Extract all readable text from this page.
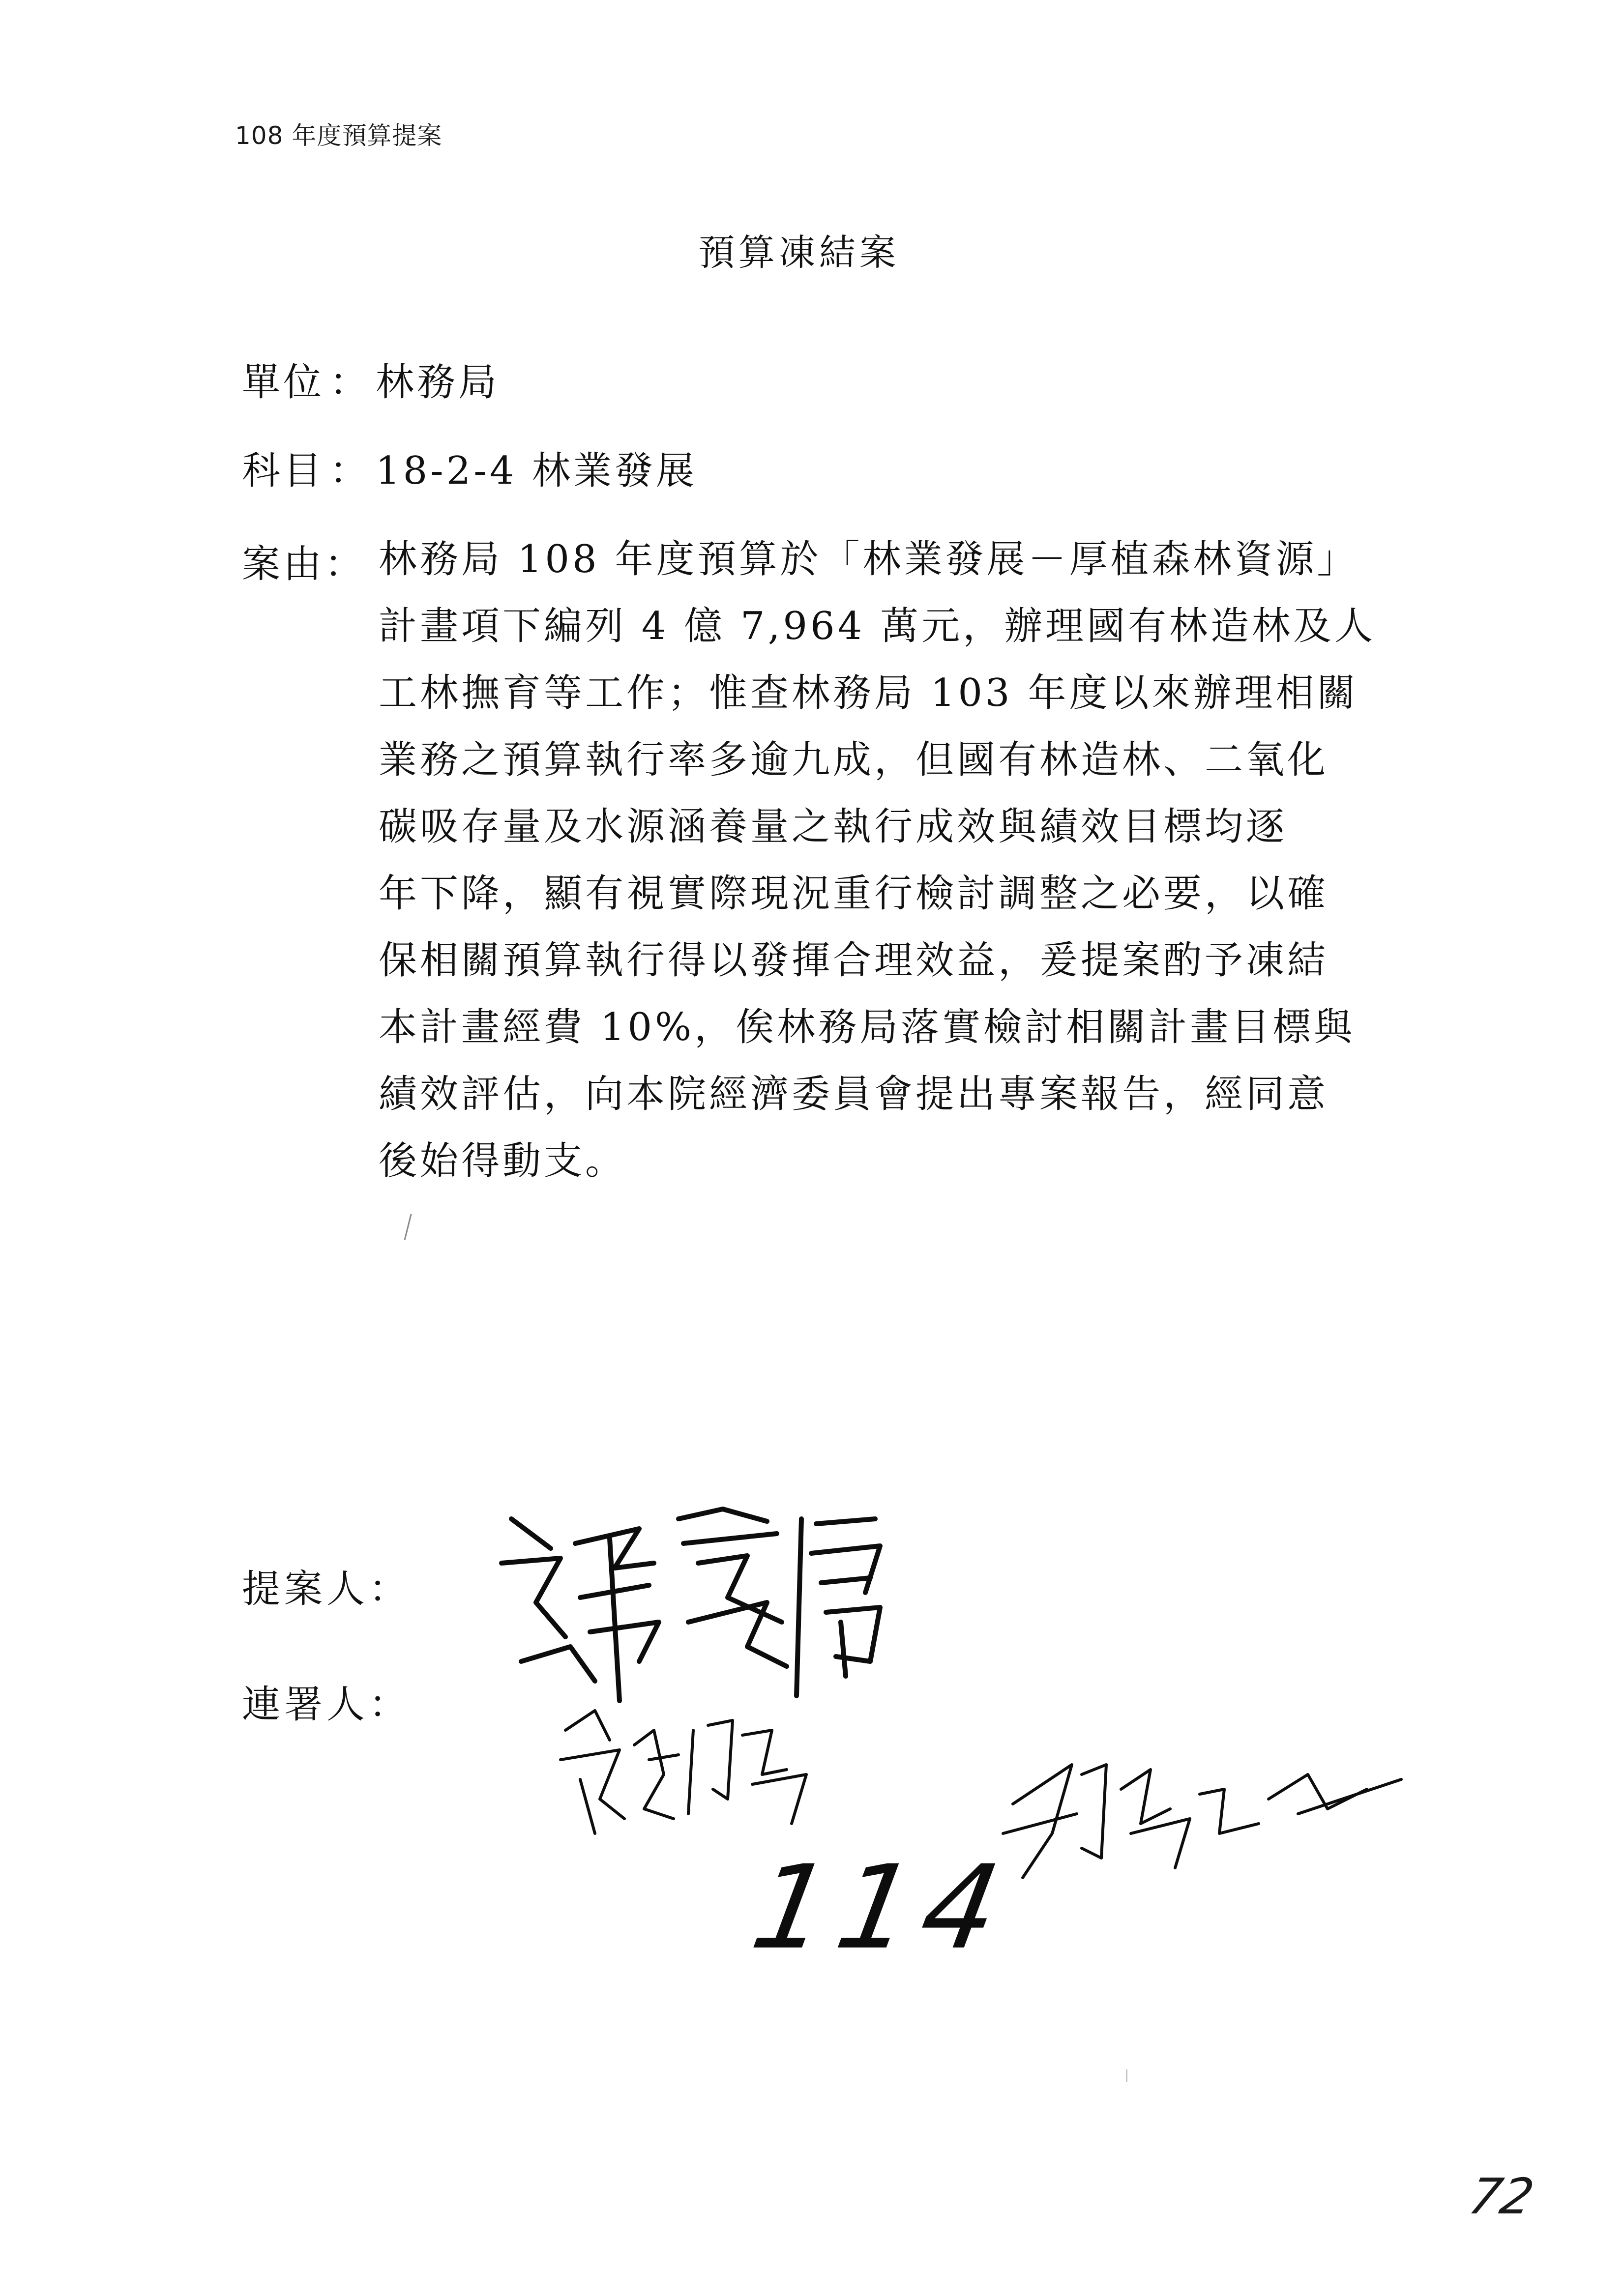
108 年度預算提案
預算凍結案
單位 ： 林務局
科目 ： 18-2-4 林業發展
案由： 林務局 108 年度預算於「林業發展－厚植森林資源」
計畫項下編列 4 億 7,964 萬元，辦理國有林造林及人
工林撫育等工作；惟查林務局 103 年度以來辦理相關
業務之預算執行率多逾九成，但國有林造林、二氧化
碳吸存量及水源涵養量之執行成效與績效目標均逐
年下降，顯有視實際現況重行檢討調整之必要，以確
保相關預算執行得以發揮合理效益，爰提案酌予凍結
本計畫經費 10%，俟林務局落實檢討相關計畫目標與
績效評估，向本院經濟委員會提出專案報告，經同意
後始得動支。
提案人：
連署人：
114
72
